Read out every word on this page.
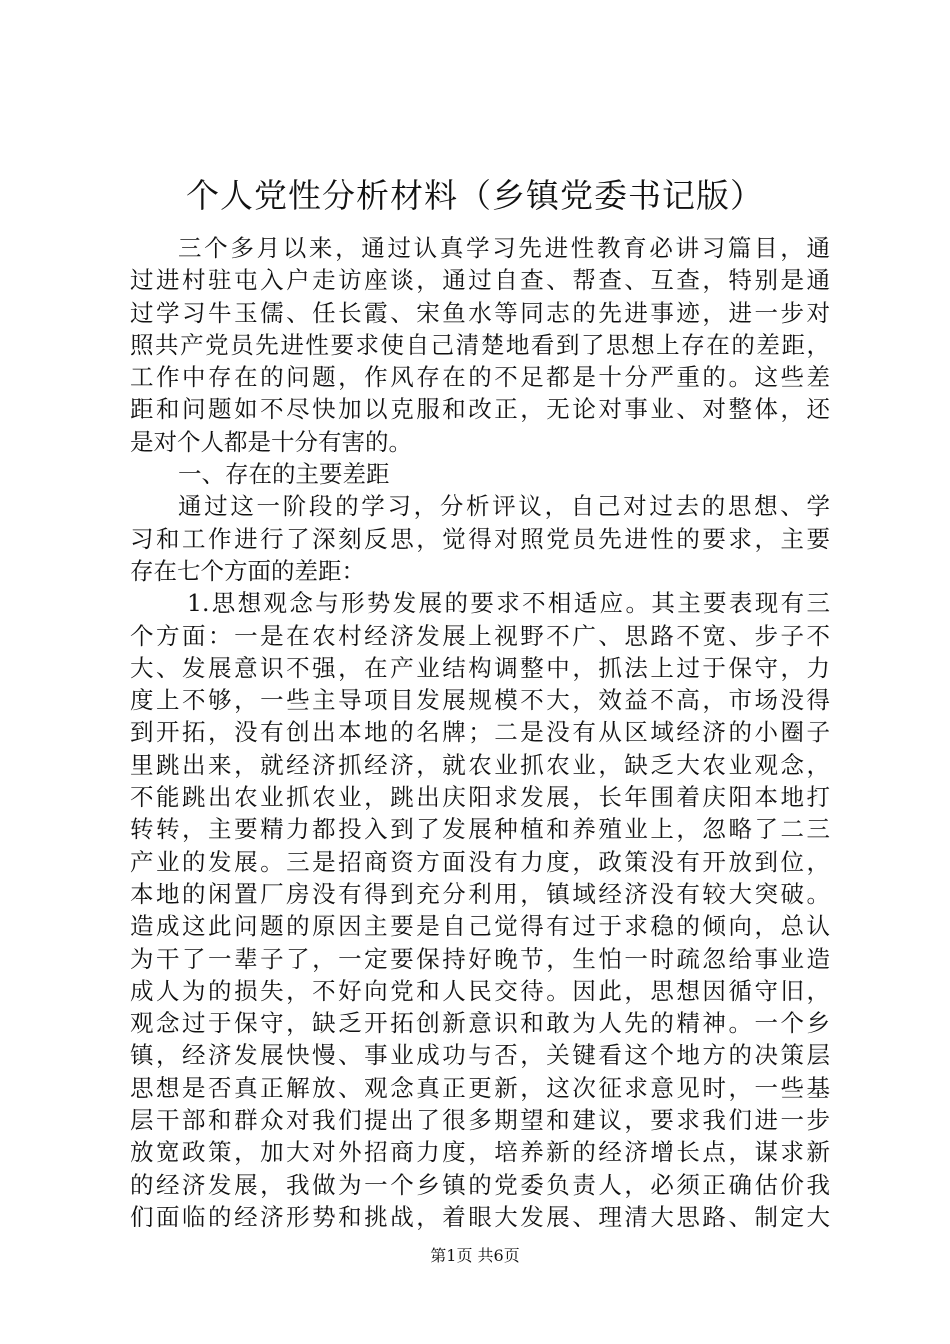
个人党性分析材料（乡镇党委书记版）
三个多月以来，通过认真学习先进性教育必讲习篇目，通
过进村驻屯入户走访座谈，通过自查、帮查、互查，特别是通
过学习牛玉儒、任长霞、宋鱼水等同志的先进事迹，进一步对
照共产党员先进性要求使自己清楚地看到了思想上存在的差距，
工作中存在的问题，作风存在的不足都是十分严重的。这些差
距和问题如不尽快加以克服和改正，无论对事业、对整体，还
是对个人都是十分有害的。
一、存在的主要差距
通过这一阶段的学习，分析评议，自己对过去的思想、学
习和工作进行了深刻反思，觉得对照党员先进性的要求，主要
存在七个方面的差距：
1.思想观念与形势发展的要求不相适应。其主要表现有三
个方面：一是在农村经济发展上视野不广、思路不宽、步子不
大、发展意识不强，在产业结构调整中，抓法上过于保守，力
度上不够，一些主导项目发展规模不大，效益不高，市场没得
到开拓，没有创出本地的名牌；二是没有从区域经济的小圈子
里跳出来，就经济抓经济，就农业抓农业，缺乏大农业观念，
不能跳出农业抓农业，跳出庆阳求发展，长年围着庆阳本地打
转转，主要精力都投入到了发展种植和养殖业上，忽略了二三
产业的发展。三是招商资方面没有力度，政策没有开放到位，
本地的闲置厂房没有得到充分利用，镇域经济没有较大突破。
造成这此问题的原因主要是自己觉得有过于求稳的倾向，总认
为干了一辈子了，一定要保持好晚节，生怕一时疏忽给事业造
成人为的损失，不好向党和人民交待。因此，思想因循守旧，
观念过于保守，缺乏开拓创新意识和敢为人先的精神。一个乡
镇，经济发展快慢、事业成功与否，关键看这个地方的决策层
思想是否真正解放、观念真正更新，这次征求意见时，一些基
层干部和群众对我们提出了很多期望和建议，要求我们进一步
放宽政策，加大对外招商力度，培养新的经济增长点，谋求新
的经济发展，我做为一个乡镇的党委负责人，必须正确估价我
们面临的经济形势和挑战，着眼大发展、理清大思路、制定大
第1页 共6页
